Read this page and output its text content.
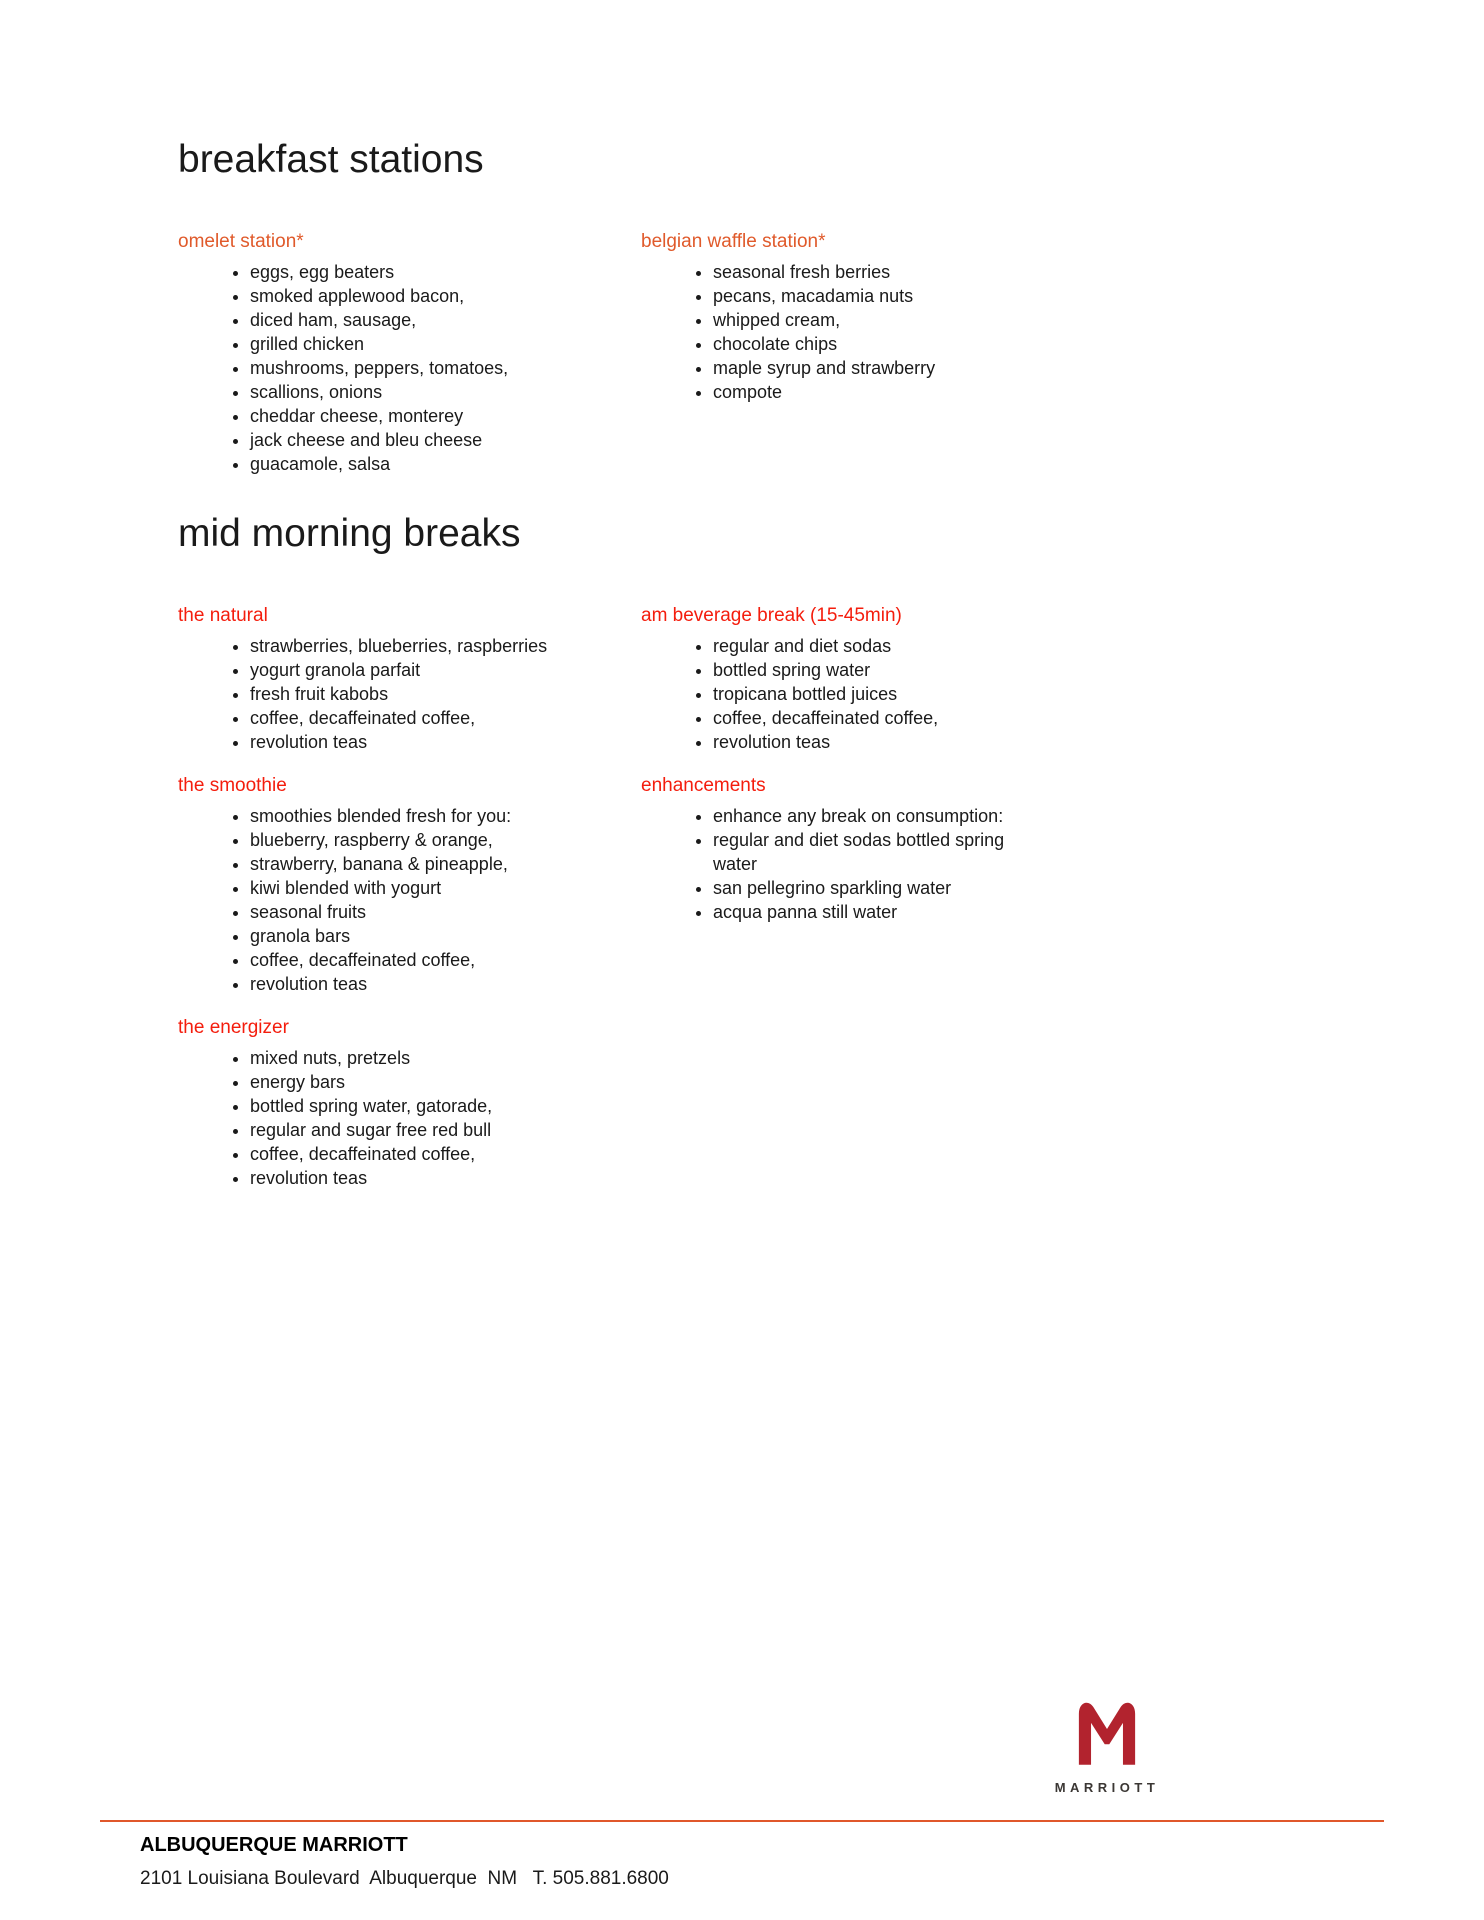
breakfast stations
omelet station*
• eggs, egg beaters
• smoked applewood bacon,
• diced ham, sausage,
• grilled chicken
• mushrooms, peppers, tomatoes,
• scallions, onions
• cheddar cheese, monterey
• jack cheese and bleu cheese
• guacamole, salsa
belgian waffle station*
• seasonal fresh berries
• pecans, macadamia nuts
• whipped cream,
• chocolate chips
• maple syrup and strawberry
• compote
mid morning breaks
the natural
• strawberries, blueberries, raspberries
• yogurt granola parfait
• fresh fruit kabobs
• coffee, decaffeinated coffee,
• revolution teas
the smoothie
• smoothies blended fresh for you:
• blueberry, raspberry & orange,
• strawberry, banana & pineapple,
• kiwi blended with yogurt
• seasonal fruits
• granola bars
• coffee, decaffeinated coffee,
• revolution teas
the energizer
• mixed nuts, pretzels
• energy bars
• bottled spring water, gatorade,
• regular and sugar free red bull
• coffee, decaffeinated coffee,
• revolution teas
am beverage break (15-45min)
• regular and diet sodas
• bottled spring water
• tropicana bottled juices
• coffee, decaffeinated coffee,
• revolution teas
enhancements
• enhance any break on consumption:
• regular and diet sodas bottled spring water
• san pellegrino sparkling water
• acqua panna still water
MARRIOTT
ALBUQUERQUE MARRIOTT
2101 Louisiana Boulevard  Albuquerque  NM   T. 505.881.6800
